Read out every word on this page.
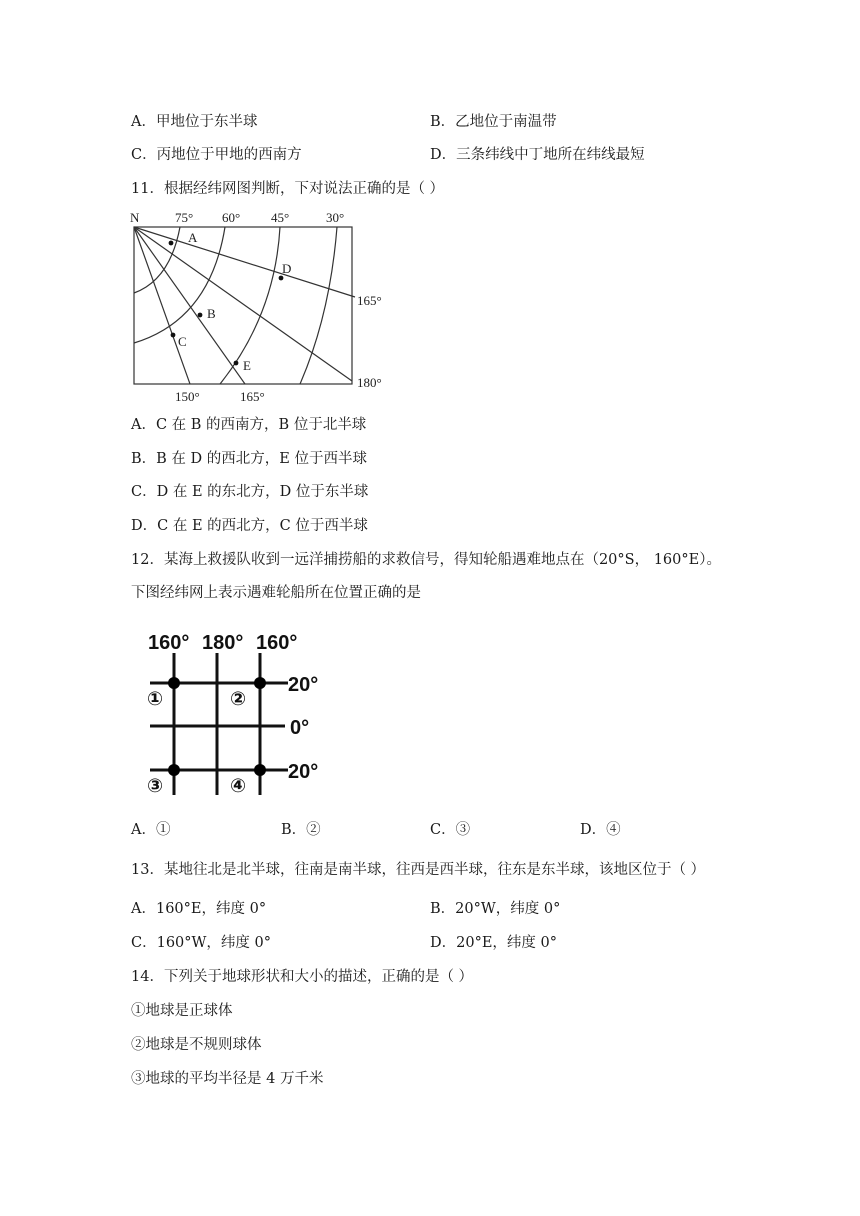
A．甲地位于东半球	B．乙地位于南温带
C．丙地位于甲地的西南方	D．三条纬线中丁地所在纬线最短
11．根据经纬网图判断，下对说法正确的是（ ）
N	75° 60° 45°	30°
165°
180°
150°	165°
A
B
C
D
E
A．C 在 B 的西南方，B 位于北半球
B．B 在 D 的西北方，E 位于西半球
C．D 在 E 的东北方，D 位于东半球
D．C 在 E 的西北方，C 位于西半球
12．某海上救援队收到一远洋捕捞船的求救信号，得知轮船遇难地点在（20°S， 160°E）。
下图经纬网上表示遇难轮船所在位置正确的是
160° 180° 160°
20°
0°
20°
①	②
③	④
A．①	B．②	C．③	D．④
13．某地往北是北半球，往南是南半球，往西是西半球，往东是东半球，该地区位于（ ）
A．160°E，纬度 0°	B．20°W，纬度 0°
C．160°W，纬度 0°	D．20°E，纬度 0°
14．下列关于地球形状和大小的描述，正确的是（ ）
①地球是正球体
②地球是不规则球体
③地球的平均半径是 4 万千米
